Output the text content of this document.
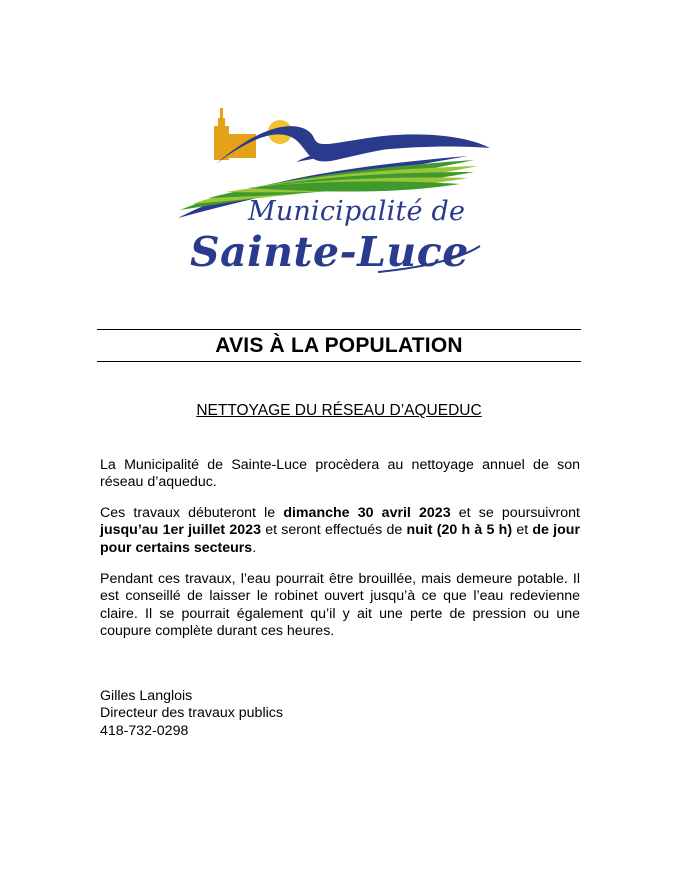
Municipalité de
Sainte-Luce
AVIS À LA POPULATION
NETTOYAGE DU RÉSEAU D’AQUEDUC
La Municipalité de Sainte-Luce procèdera au nettoyage annuel de son réseau d’aqueduc.
Ces travaux débuteront le dimanche 30 avril 2023 et se poursuivront jusqu’au 1er juillet 2023 et seront effectués de nuit (20 h à 5 h) et de jour pour certains secteurs.
Pendant ces travaux, l’eau pourrait être brouillée, mais demeure potable. Il est conseillé de laisser le robinet ouvert jusqu’à ce que l’eau redevienne claire. Il se pourrait également qu’il y ait une perte de pression ou une coupure complète durant ces heures.
Gilles Langlois
Directeur des travaux publics
418-732-0298
